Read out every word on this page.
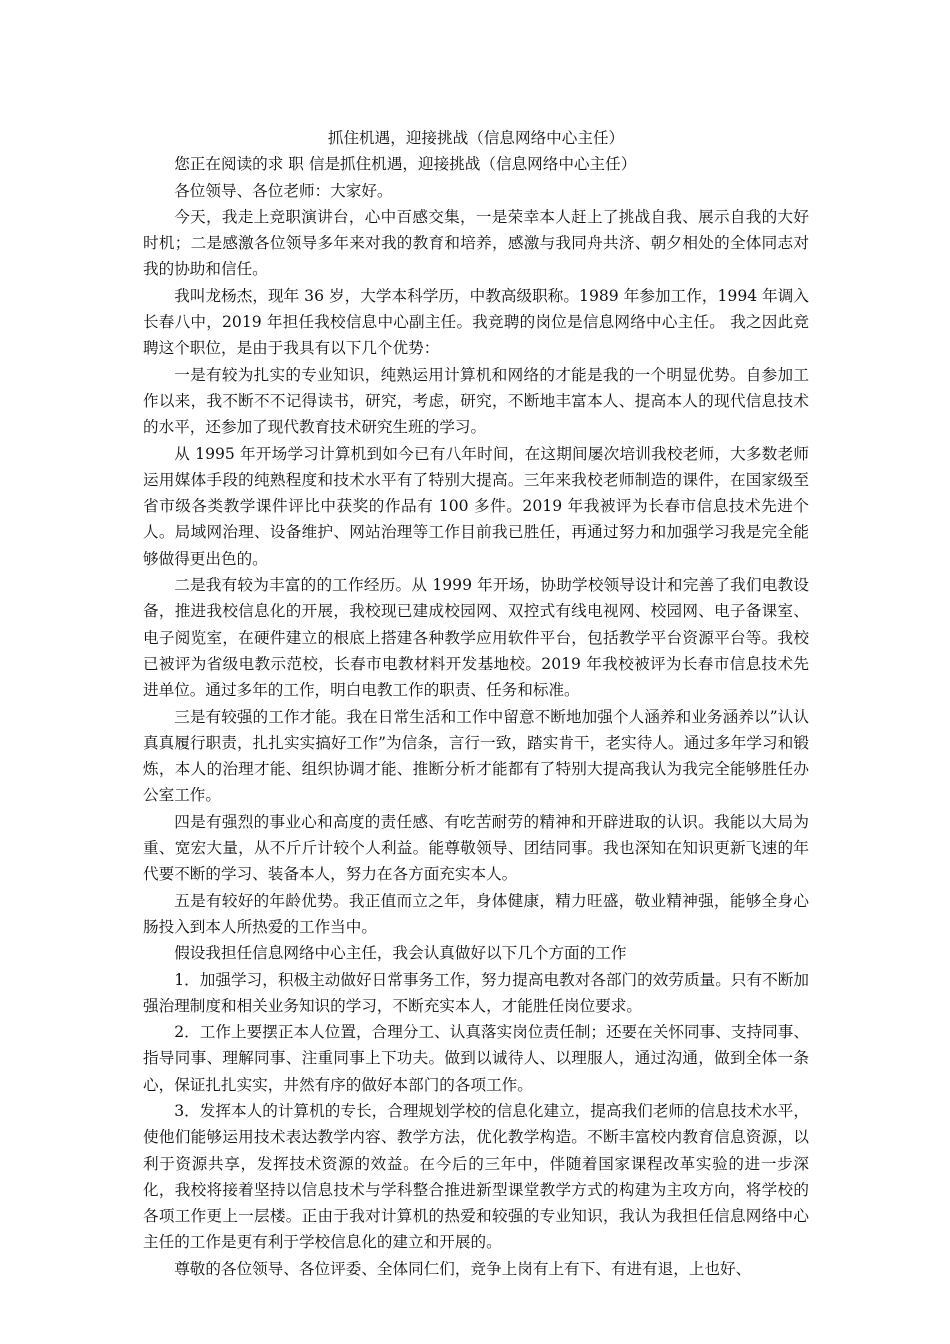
抓住机遇，迎接挑战（信息网络中心主任）

您正在阅读的求 职 信是抓住机遇，迎接挑战（信息网络中心主任）

各位领导、各位老师：大家好。

今天，我走上竞职演讲台，心中百感交集，一是荣幸本人赶上了挑战自我、展示自我的大好时机；二是感激各位领导多年来对我的教育和培养，感激与我同舟共济、朝夕相处的全体同志对我的协助和信任。

我叫龙杨杰，现年 36 岁，大学本科学历，中教高级职称。1989 年参加工作，1994 年调入长春八中，2019 年担任我校信息中心副主任。我竞聘的岗位是信息网络中心主任。 我之因此竞聘这个职位，是由于我具有以下几个优势：

一是有较为扎实的专业知识，纯熟运用计算机和网络的才能是我的一个明显优势。自参加工作以来，我不断不不记得读书，研究，考虑，研究，不断地丰富本人、提高本人的现代信息技术的水平，还参加了现代教育技术研究生班的学习。

从 1995 年开场学习计算机到如今已有八年时间，在这期间屡次培训我校老师，大多数老师运用媒体手段的纯熟程度和技术水平有了特别大提高。三年来我校老师制造的课件，在国家级至省市级各类教学课件评比中获奖的作品有 100 多件。2019 年我被评为长春市信息技术先进个人。局域网治理、设备维护、网站治理等工作目前我已胜任，再通过努力和加强学习我是完全能够做得更出色的。

二是我有较为丰富的的工作经历。从 1999 年开场，协助学校领导设计和完善了我们电教设备，推进我校信息化的开展，我校现已建成校园网、双控式有线电视网、校园网、电子备课室、电子阅览室，在硬件建立的根底上搭建各种教学应用软件平台，包括教学平台资源平台等。我校已被评为省级电教示范校，长春市电教材料开发基地校。2019 年我校被评为长春市信息技术先进单位。通过多年的工作，明白电教工作的职责、任务和标准。

三是有较强的工作才能。我在日常生活和工作中留意不断地加强个人涵养和业务涵养以”认认真真履行职责，扎扎实实搞好工作”为信条，言行一致，踏实肯干，老实待人。通过多年学习和锻炼，本人的治理才能、组织协调才能、推断分析才能都有了特别大提高我认为我完全能够胜任办公室工作。

四是有强烈的事业心和高度的责任感、有吃苦耐劳的精神和开辟进取的认识。我能以大局为重、宽宏大量，从不斤斤计较个人利益。能尊敬领导、团结同事。我也深知在知识更新飞速的年代要不断的学习、装备本人，努力在各方面充实本人。

五是有较好的年龄优势。我正值而立之年，身体健康，精力旺盛，敬业精神强，能够全身心肠投入到本人所热爱的工作当中。

假设我担任信息网络中心主任，我会认真做好以下几个方面的工作

1．加强学习，积极主动做好日常事务工作，努力提高电教对各部门的效劳质量。只有不断加强治理制度和相关业务知识的学习，不断充实本人，才能胜任岗位要求。

2．工作上要摆正本人位置，合理分工、认真落实岗位责任制；还要在关怀同事、支持同事、指导同事、理解同事、注重同事上下功夫。做到以诚待人、以理服人，通过沟通，做到全体一条心，保证扎扎实实，井然有序的做好本部门的各项工作。

3．发挥本人的计算机的专长，合理规划学校的信息化建立，提高我们老师的信息技术水平，使他们能够运用技术表达教学内容、教学方法，优化教学构造。不断丰富校内教育信息资源，以利于资源共享，发挥技术资源的效益。在今后的三年中，伴随着国家课程改革实验的进一步深化，我校将接着坚持以信息技术与学科整合推进新型课堂教学方式的构建为主攻方向，将学校的各项工作更上一层楼。正由于我对计算机的热爱和较强的专业知识，我认为我担任信息网络中心主任的工作是更有利于学校信息化的建立和开展的。

尊敬的各位领导、各位评委、全体同仁们，竞争上岗有上有下、有进有退，上也好、
